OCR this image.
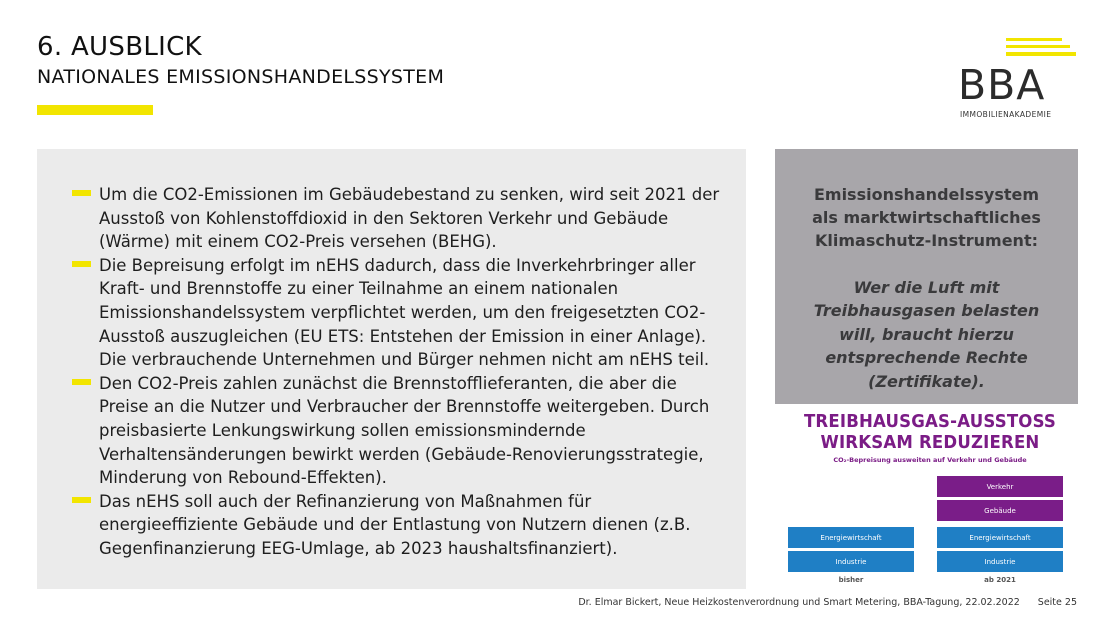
6. AUSBLICK
NATIONALES EMISSIONSHANDELSSYSTEM	BBA
IMMOBILIENAKADEMIE
Um die CO2-Emissionen im Gebäudebestand zu senken, wird seit 2021 der Ausstoß von Kohlenstoffdioxid in den Sektoren Verkehr und Gebäude (Wärme) mit einem CO2-Preis versehen (BEHG).
Die Bepreisung erfolgt im nEHS dadurch, dass die Inverkehrbringer aller Kraft- und Brennstoffe zu einer Teilnahme an einem nationalen Emissionshandelssystem verpflichtet werden, um den freigesetzten CO2-Ausstoß auszugleichen (EU ETS: Entstehen der Emission in einer Anlage). Die verbrauchende Unternehmen und Bürger nehmen nicht am nEHS teil.
Den CO2-Preis zahlen zunächst die Brennstofflieferanten, die aber die Preise an die Nutzer und Verbraucher der Brennstoffe weitergeben. Durch preisbasierte Lenkungswirkung sollen emissionsmindernde Verhaltensänderungen bewirkt werden (Gebäude-Renovierungsstrategie, Minderung von Rebound-Effekten).
Das nEHS soll auch der Refinanzierung von Maßnahmen für energieeffiziente Gebäude und der Entlastung von Nutzern dienen (z.B. Gegenfinanzierung EEG-Umlage, ab 2023 haushaltsfinanziert).
Emissionshandelssystem als marktwirtschaftliches Klimaschutz-Instrument:
Wer die Luft mit Treibhausgasen belasten will, braucht hierzu entsprechende Rechte (Zertifikate).
TREIBHAUSGAS-AUSSTOSS
WIRKSAM REDUZIEREN
CO₂-Bepreisung ausweiten auf Verkehr und Gebäude
Energiewirtschaft
Industrie
bisher
Verkehr
Gebäude
Energiewirtschaft
Industrie
ab 2021
Dr. Elmar Bickert, Neue Heizkostenverordnung und Smart Metering, BBA-Tagung, 22.02.2022 Seite 25
